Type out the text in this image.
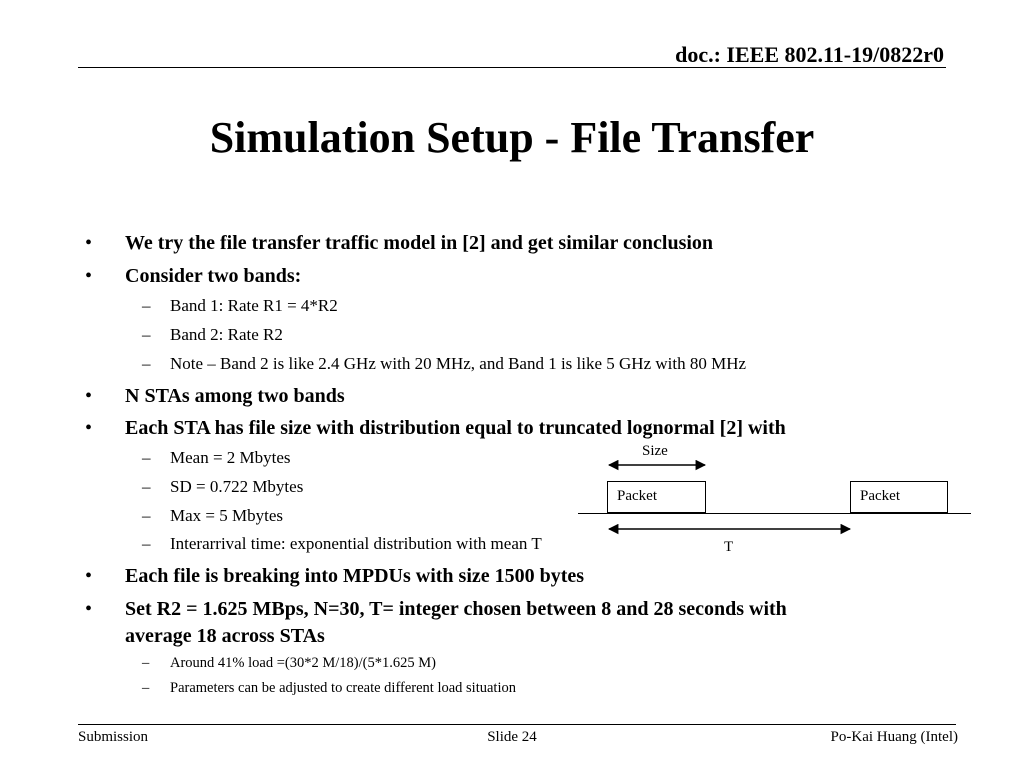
doc.: IEEE 802.11-19/0822r0
Simulation Setup - File Transfer
• We try the file transfer traffic model in [2] and get similar conclusion
• Consider two bands:
– Band 1: Rate R1 = 4*R2
– Band 2: Rate R2
– Note – Band 2 is like 2.4 GHz with 20 MHz, and Band 1 is like 5 GHz with 80 MHz
• N STAs among two bands
• Each STA has file size with distribution equal to truncated lognormal [2] with
– Mean = 2 Mbytes
– SD = 0.722 Mbytes
– Max = 5 Mbytes
– Interarrival time: exponential distribution with mean T
• Each file is breaking into MPDUs with size 1500 bytes
• Set R2 = 1.625 MBps, N=30, T= integer chosen between 8 and 28 seconds with
average 18 across STAs
– Around 41% load =(30*2 M/18)/(5*1.625 M)
– Parameters can be adjusted to create different load situation
Size
Packet	Packet
T
Submission	Slide 24	Po-Kai Huang (Intel)
